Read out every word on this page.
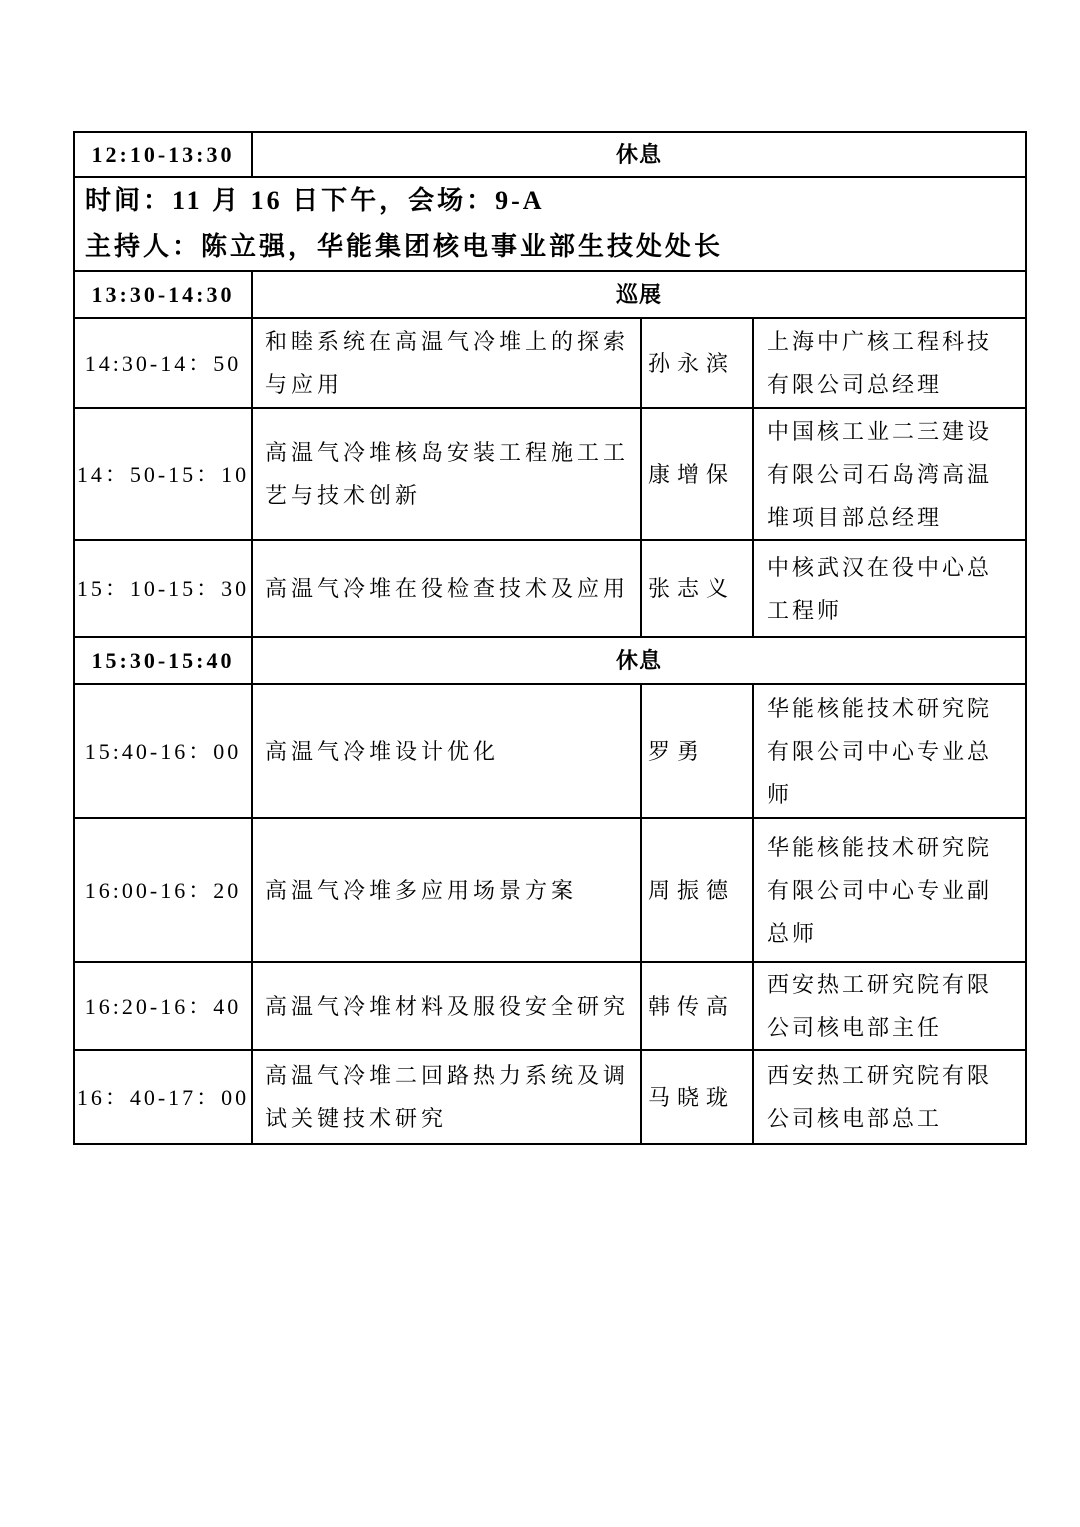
12:10-13:30	休息		

时间：11 月 16 日下午，会场：9-A
主持人：陈立强，华能集团核电事业部生技处处长			

13:30-14:30	巡展		
14:30-14：50	和睦系统在高温气冷堆上的探索与应用	孙永滨	上海中广核工程科技有限公司总经理
14：50-15：10	高温气冷堆核岛安装工程施工工艺与技术创新	康增保	中国核工业二三建设有限公司石岛湾高温堆项目部总经理
15：10-15：30	高温气冷堆在役检查技术及应用	张志义	中核武汉在役中心总工程师
15:30-15:40	休息		
15:40-16：00	高温气冷堆设计优化	罗勇	华能核能技术研究院有限公司中心专业总师
16:00-16：20	高温气冷堆多应用场景方案	周振德	华能核能技术研究院有限公司中心专业副总师
16:20-16：40	高温气冷堆材料及服役安全研究	韩传高	西安热工研究院有限公司核电部主任
16：40-17：00	高温气冷堆二回路热力系统及调试关键技术研究	马晓珑	西安热工研究院有限公司核电部总工
